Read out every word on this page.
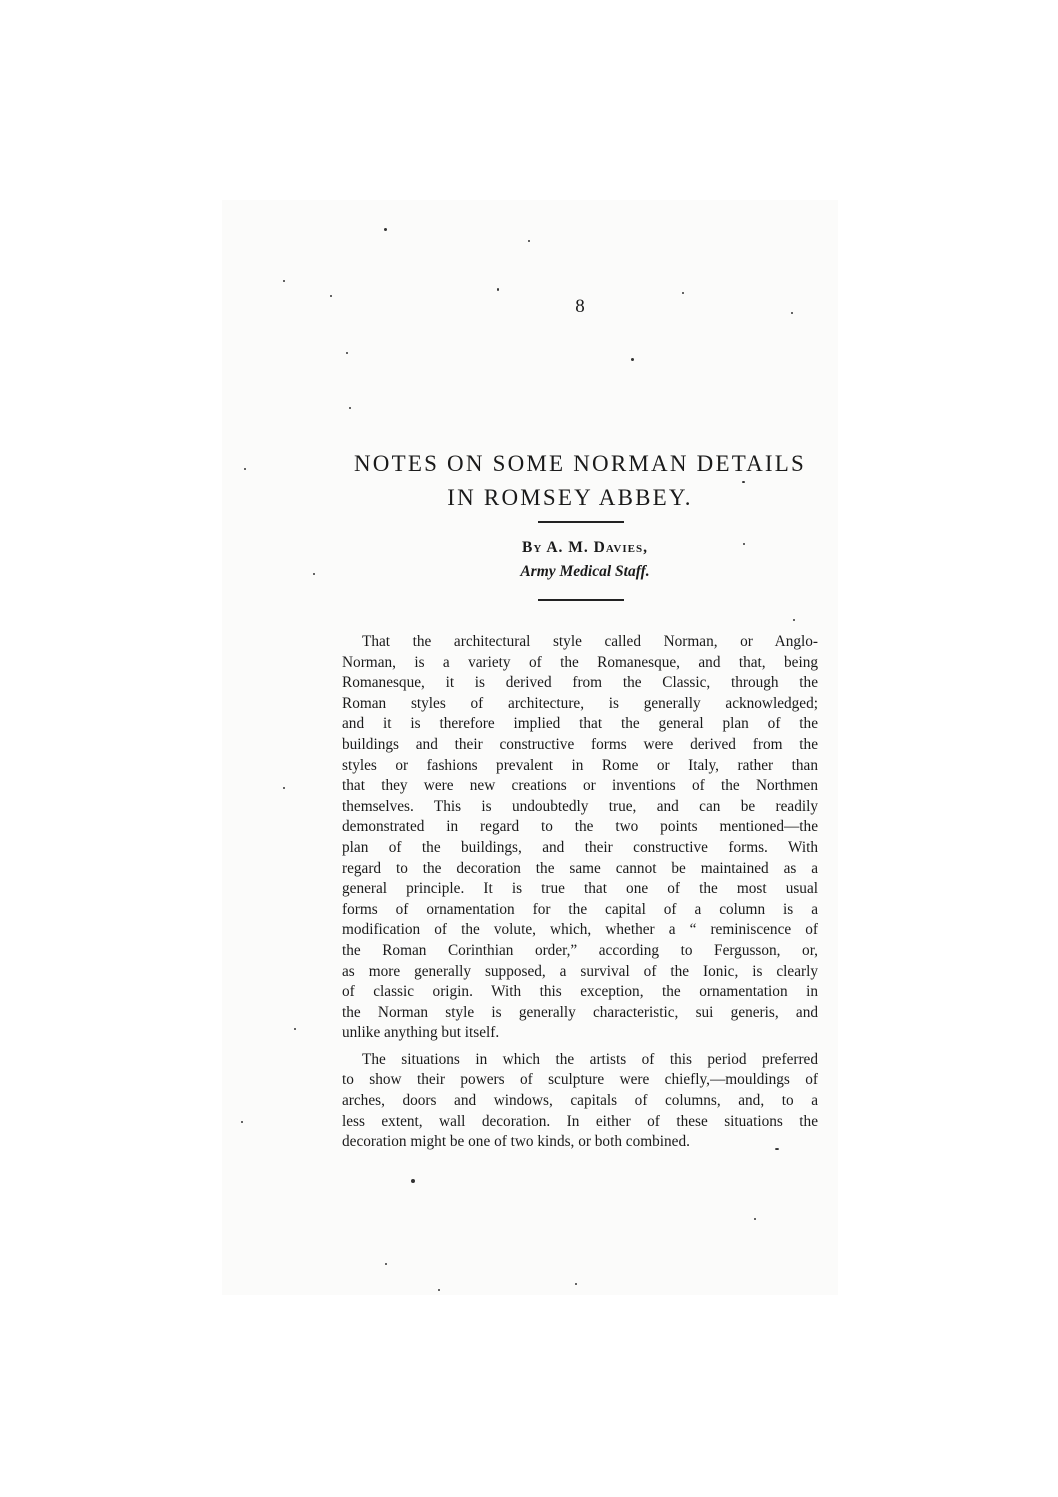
8
NOTES ON SOME NORMAN DETAILS
IN ROMSEY ABBEY.
By A. M. Davies,
Army Medical Staff.

That the architectural style called Norman, or Anglo-
Norman, is a variety of the Romanesque, and that, being
Romanesque, it is derived from the Classic, through the
Roman styles of architecture, is generally acknowledged;
and it is therefore implied that the general plan of the
buildings and their constructive forms were derived from the
styles or fashions prevalent in Rome or Italy, rather than
that they were new creations or inventions of the Northmen
themselves. This is undoubtedly true, and can be readily
demonstrated in regard to the two points mentioned—the
plan of the buildings, and their constructive forms. With
regard to the decoration the same cannot be maintained as a
general principle. It is true that one of the most usual
forms of ornamentation for the capital of a column is a
modification of the volute, which, whether a “ reminiscence of
the Roman Corinthian order,” according to Fergusson, or,
as more generally supposed, a survival of the Ionic, is clearly
of classic origin. With this exception, the ornamentation in
the Norman style is generally characteristic, sui generis, and
unlike anything but itself.

The situations in which the artists of this period preferred
to show their powers of sculpture were chiefly,—mouldings of
arches, doors and windows, capitals of columns, and, to a
less extent, wall decoration. In either of these situations the
decoration might be one of two kinds, or both combined.
